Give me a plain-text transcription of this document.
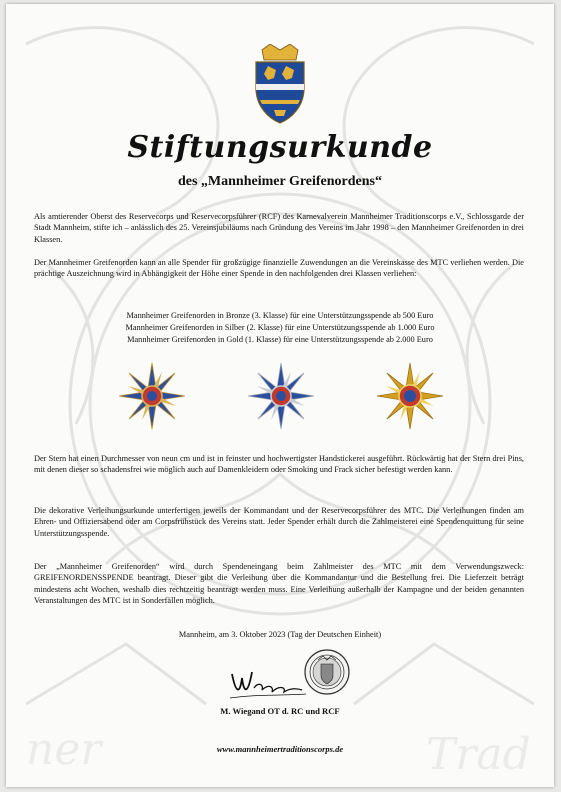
ner	Trad
Stiftungsurkunde
des „Mannheimer Greifenordens“
Als amtierender Oberst des Reservecorps und Reservecorpsführer (RCF) des Karnevalverein Mannheimer Traditionscorps e.V., Schlossgarde der Stadt Mannheim, stifte ich – anlässlich des 25. Vereinsjubiläums nach Gründung des Vereins im Jahr 1998 – den Mannheimer Greifenorden in drei Klassen.
Der Mannheimer Greifenorden kann an alle Spender für großzügige finanzielle Zuwendungen an die Vereinskasse des MTC verliehen werden. Die prächtige Auszeichnung wird in Abhängigkeit der Höhe einer Spende in den nachfolgenden drei Klassen verliehen:
Mannheimer Greifenorden in Bronze (3. Klasse) für eine Unterstützungsspende ab 500 Euro
Mannheimer Greifenorden in Silber (2. Klasse) für eine Unterstützungsspende ab 1.000 Euro
Mannheimer Greifenorden in Gold (1. Klasse) für eine Unterstützungsspende ab 2.000 Euro
Der Stern hat einen Durchmesser von neun cm und ist in feinster und hochwertigster Handstickerei ausgeführt. Rückwärtig hat der Stern drei Pins, mit denen dieser so schadensfrei wie möglich auch auf Damenkleidern oder Smoking und Frack sicher befestigt werden kann.
Die dekorative Verleihungsurkunde unterfertigen jeweils der Kommandant und der Reservecorpsführer des MTC. Die Verleihungen finden am Ehren- und Offiziersabend oder am Corpsfrühstück des Vereins statt. Jeder Spender erhält durch die Zahlmeisterei eine Spendenquittung für seine Unterstützungsspende.
Der „Mannheimer Greifenorden“ wird durch Spendeneingang beim Zahlmeister des MTC mit dem Verwendungszweck: GREIFENORDENSSPENDE beantragt. Dieser gibt die Verleihung über die Kommandantur und die Bestellung frei. Die Lieferzeit beträgt mindestens acht Wochen, weshalb dies rechtzeitig beantragt werden muss. Eine Verleihung außerhalb der Kampagne und der beiden genannten Veranstaltungen des MTC ist in Sonderfällen möglich.
Mannheim, am 3. Oktober 2023 (Tag der Deutschen Einheit)
M. Wiegand OT d. RC und RCF
www.mannheimertraditionscorps.de
